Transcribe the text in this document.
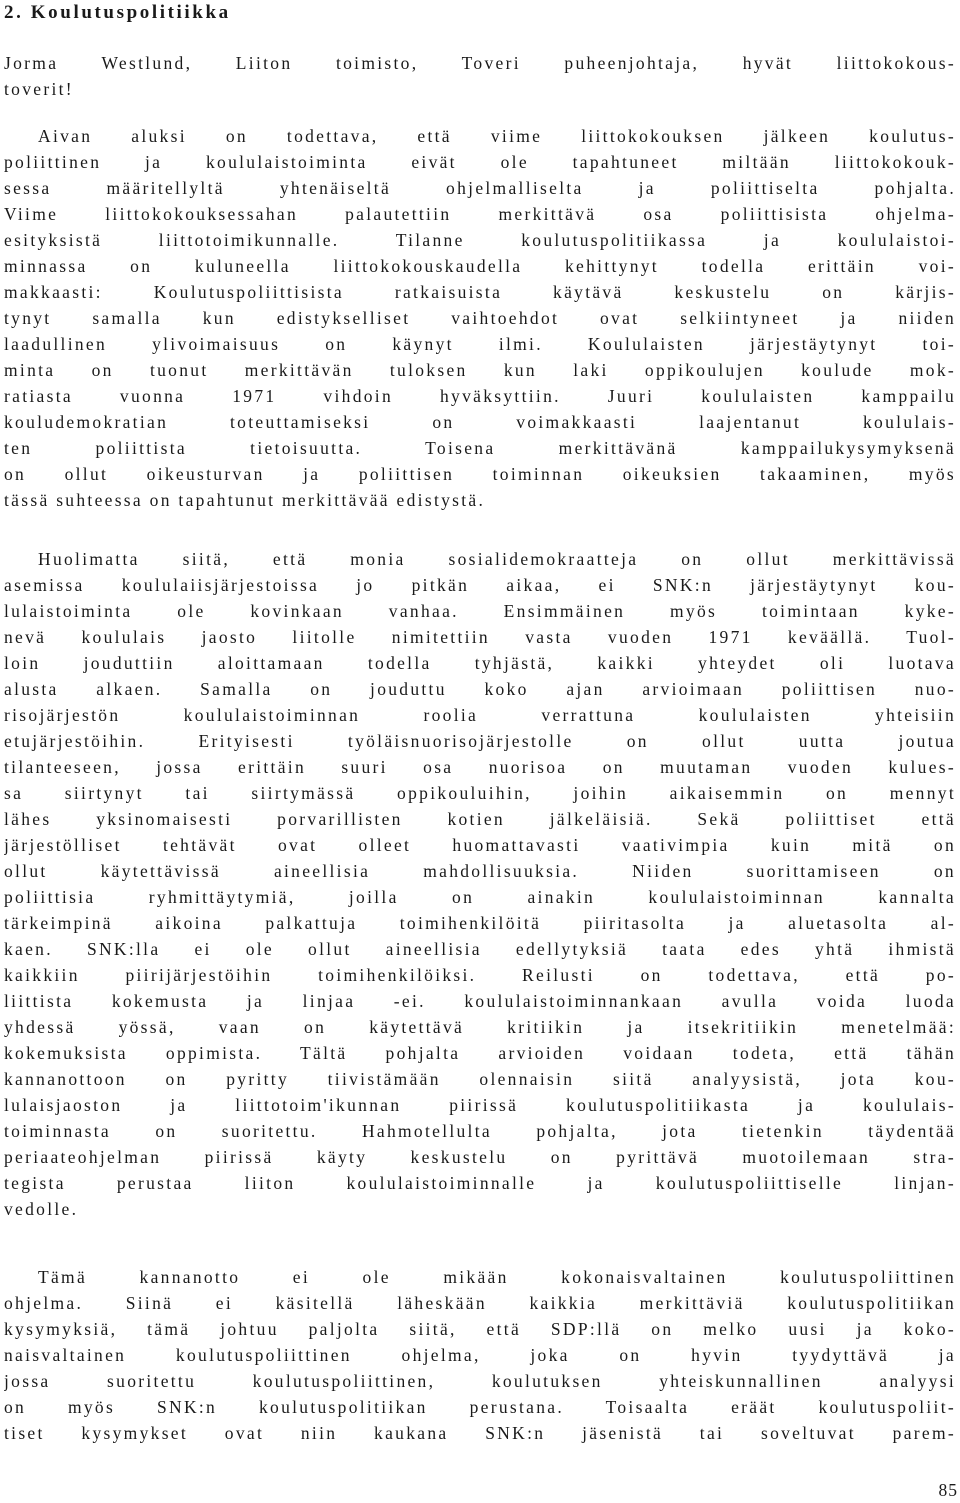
2. Koulutuspolitiikka
Jorma Westlund, Liiton toimisto, Toveri puheenjohtaja, hyvät liittokokous-
toverit!
Aivan aluksi on todettava, että viime liittokokouksen jälkeen koulutus-
poliittinen ja koululaistoiminta eivät ole tapahtuneet miltään liittokokouk-
sessa määritellyltä yhtenäiseltä ohjelmalliselta ja poliittiselta pohjalta.
Viime liittokokouksessahan palautettiin merkittävä osa poliittisista ohjelma-
esityksistä liittotoimikunnalle. Tilanne koulutuspolitiikassa ja koululaistoi-
minnassa on kuluneella liittokokouskaudella kehittynyt todella erittäin voi-
makkaasti: Koulutuspoliittisista ratkaisuista käytävä keskustelu on kärjis-
tynyt samalla kun edistykselliset vaihtoehdot ovat selkiintyneet ja niiden
laadullinen ylivoimaisuus on käynyt ilmi. Koululaisten järjestäytynyt toi-
minta on tuonut merkittävän tuloksen kun laki oppikoulujen koulude mok-
ratiasta vuonna 1971 vihdoin hyväksyttiin. Juuri koululaisten kamppailu
kouludemokratian toteuttamiseksi on voimakkaasti laajentanut koululais-
ten poliittista tietoisuutta. Toisena merkittävänä kamppailukysymyksenä
on ollut oikeusturvan ja poliittisen toiminnan oikeuksien takaaminen, myös
tässä suhteessa on tapahtunut merkittävää edistystä.
Huolimatta siitä, että monia sosialidemokraatteja on ollut merkittävissä
asemissa koululaiisjärjestoissa jo pitkän aikaa, ei SNK:n järjestäytynyt kou-
lulaistoiminta ole kovinkaan vanhaa. Ensimmäinen myös toimintaan kyke-
nevä koululais jaosto liitolle nimitettiin vasta vuoden 1971 keväällä. Tuol-
loin jouduttiin aloittamaan todella tyhjästä, kaikki yhteydet oli luotava
alusta alkaen. Samalla on jouduttu koko ajan arvioimaan poliittisen nuo-
risojärjestön koululaistoiminnan roolia verrattuna koululaisten yhteisiin
etujärjestöihin. Erityisesti työläisnuorisojärjestolle on ollut uutta joutua
tilanteeseen, jossa erittäin suuri osa nuorisoa on muutaman vuoden kulues-
sa siirtynyt tai siirtymässä oppikouluihin, joihin aikaisemmin on mennyt
lähes yksinomaisesti porvarillisten kotien jälkeläisiä. Sekä poliittiset että
järjestölliset tehtävät ovat olleet huomattavasti vaativimpia kuin mitä on
ollut käytettävissä aineellisia mahdollisuuksia. Niiden suorittamiseen on
poliittisia ryhmittäytymiä, joilla on ainakin koululaistoiminnan kannalta
tärkeimpinä aikoina palkattuja toimihenkilöitä piiritasolta ja aluetasolta al-
kaen. SNK:lla ei ole ollut aineellisia edellytyksiä taata edes yhtä ihmistä
kaikkiin piirijärjestöihin toimihenkilöiksi. Reilusti on todettava, että po-
liittista kokemusta ja linjaa -ei. koululaistoiminnankaan avulla voida luoda
yhdessä yössä, vaan on käytettävä kritiikin ja itsekritiikin menetelmää:
kokemuksista oppimista. Tältä pohjalta arvioiden voidaan todeta, että tähän
kannanottoon on pyritty tiivistämään olennaisin siitä analyysistä, jota kou-
lulaisjaoston ja liittotoim'ikunnan piirissä koulutuspolitiikasta ja koululais-
toiminnasta on suoritettu. Hahmotellulta pohjalta, jota tietenkin täydentää
periaateohjelman piirissä käyty keskustelu on pyrittävä muotoilemaan stra-
tegista perustaa liiton koululaistoiminnalle ja koulutuspoliittiselle linjan-
vedolle.
Tämä kannanotto ei ole mikään kokonaisvaltainen koulutuspoliittinen
ohjelma. Siinä ei käsitellä läheskään kaikkia merkittäviä koulutuspolitiikan
kysymyksiä, tämä johtuu paljolta siitä, että SDP:llä on melko uusi ja koko-
naisvaltainen koulutuspoliittinen ohjelma, joka on hyvin tyydyttävä ja
jossa suoritettu koulutuspoliittinen, koulutuksen yhteiskunnallinen analyysi
on myös SNK:n koulutuspolitiikan perustana. Toisaalta eräät koulutuspoliit-
tiset kysymykset ovat niin kaukana SNK:n jäsenistä tai soveltuvat parem-
85
